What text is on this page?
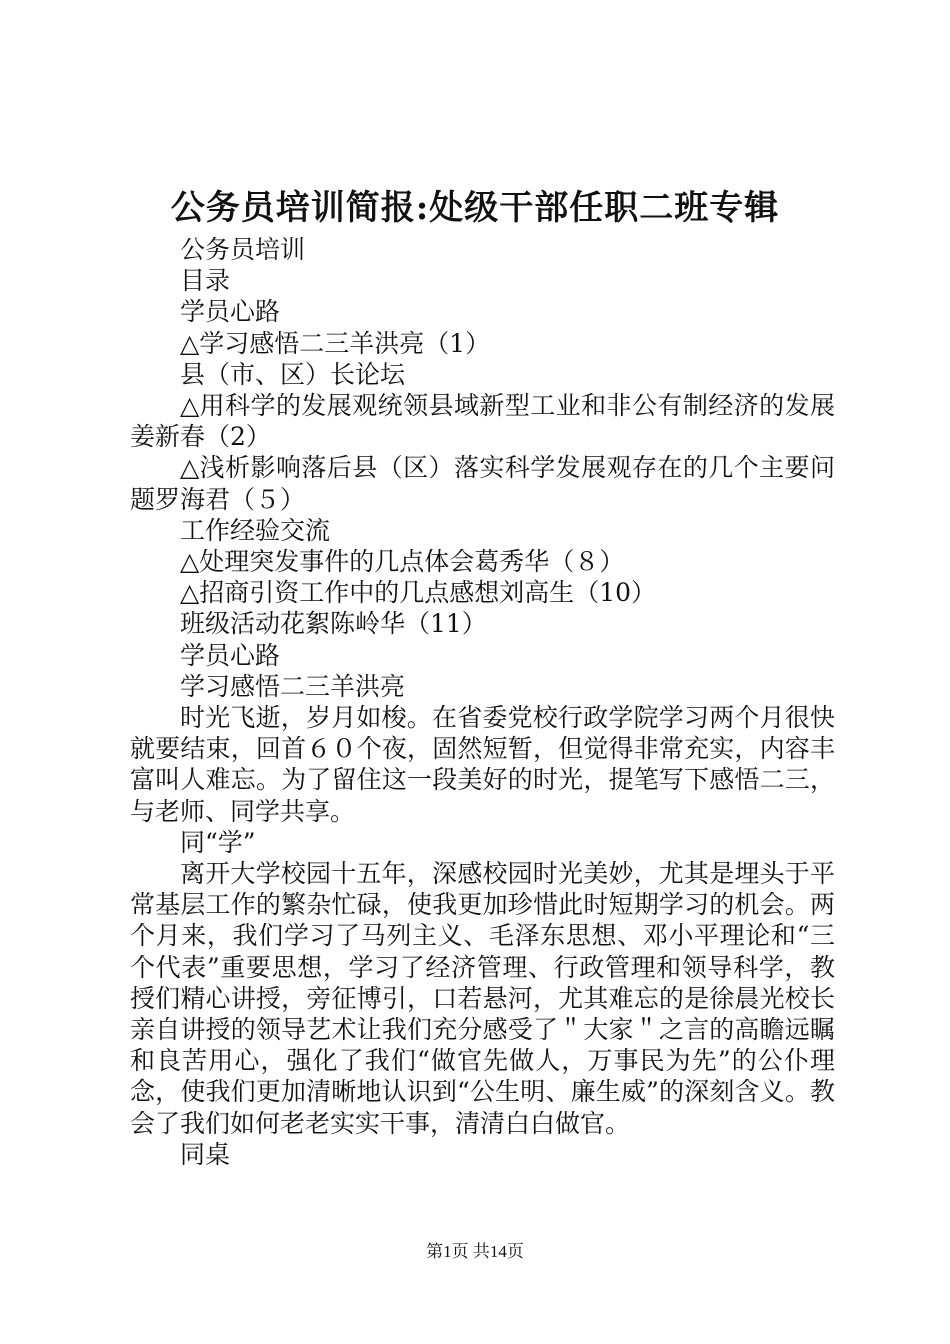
公务员培训简报:处级干部任职二班专辑

公务员培训

目录

学员心路

△学习感悟二三羊洪亮（1）

县（市、区）长论坛

△用科学的发展观统领县域新型工业和非公有制经济的发展姜新春（2）

△浅析影响落后县（区）落实科学发展观存在的几个主要问题罗海君（５）

工作经验交流

△处理突发事件的几点体会葛秀华（８）

△招商引资工作中的几点感想刘高生（10）

班级活动花絮陈岭华（11）

学员心路

学习感悟二三羊洪亮

时光飞逝，岁月如梭。在省委党校行政学院学习两个月很快就要结束，回首６０个夜，固然短暂，但觉得非常充实，内容丰富叫人难忘。为了留住这一段美好的时光，提笔写下感悟二三，与老师、同学共享。

同“学”

离开大学校园十五年，深感校园时光美妙，尤其是埋头于平常基层工作的繁杂忙碌，使我更加珍惜此时短期学习的机会。两个月来，我们学习了马列主义、毛泽东思想、邓小平理论和“三个代表”重要思想，学习了经济管理、行政管理和领导科学，教授们精心讲授，旁征博引，口若悬河，尤其难忘的是徐晨光校长亲自讲授的领导艺术让我们充分感受了＂大家＂之言的高瞻远瞩和良苦用心，强化了我们“做官先做人，万事民为先”的公仆理念，使我们更加清晰地认识到“公生明、廉生威”的深刻含义。教会了我们如何老老实实干事，清清白白做官。

同桌

第1页 共14页
